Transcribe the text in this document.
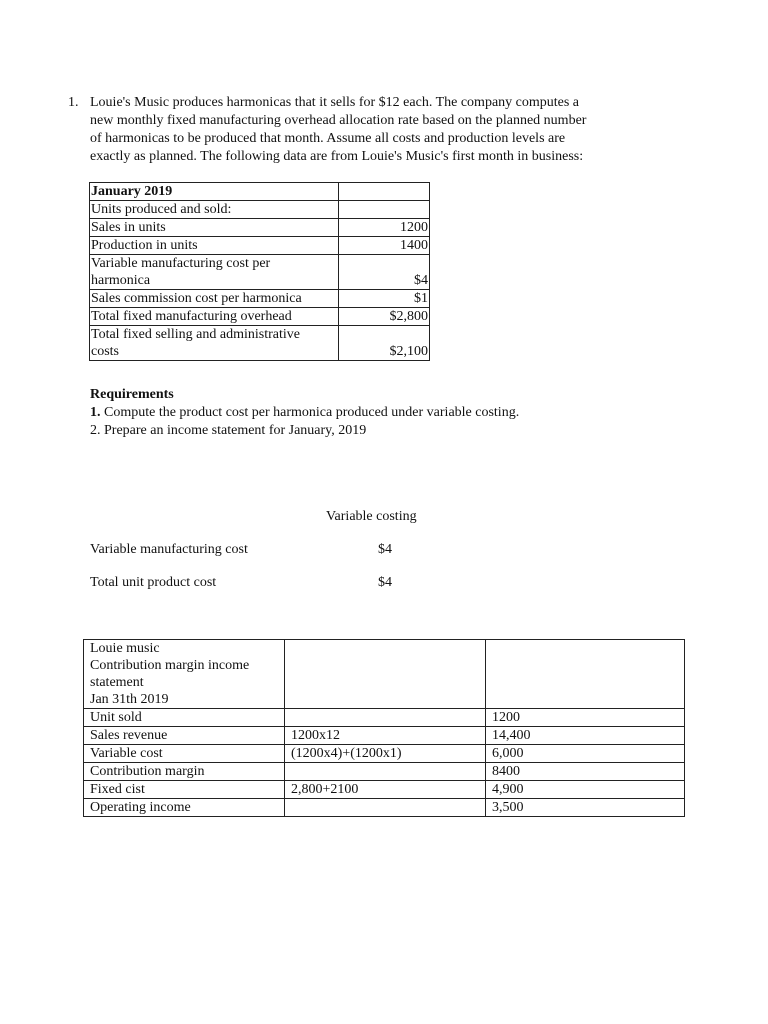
1. Louie's Music produces harmonicas that it sells for $12 each. The company computes a
new monthly fixed manufacturing overhead allocation rate based on the planned number
of harmonicas to be produced that month. Assume all costs and production levels are
exactly as planned. The following data are from Louie's Music's first month in business:
January 2019	
Units produced and sold:	
Sales in units	1200
Production in units	1400

Variable manufacturing cost per
harmonica	$4
Sales commission cost per harmonica	$1
Total fixed manufacturing overhead	$2,800

Total fixed selling and administrative
costs	$2,100
Requirements
1. Compute the product cost per harmonica produced under variable costing.
2. Prepare an income statement for January, 2019
Variable costing
Variable manufacturing cost	$4
Total unit product cost	$4
Louie music
Contribution margin income
statement
Jan 31th 2019		

Unit sold		1200
Sales revenue	1200x12	14,400
Variable cost	(1200x4)+(1200x1)	6,000
Contribution margin		8400
Fixed cist	2,800+2100	4,900
Operating income		3,500
